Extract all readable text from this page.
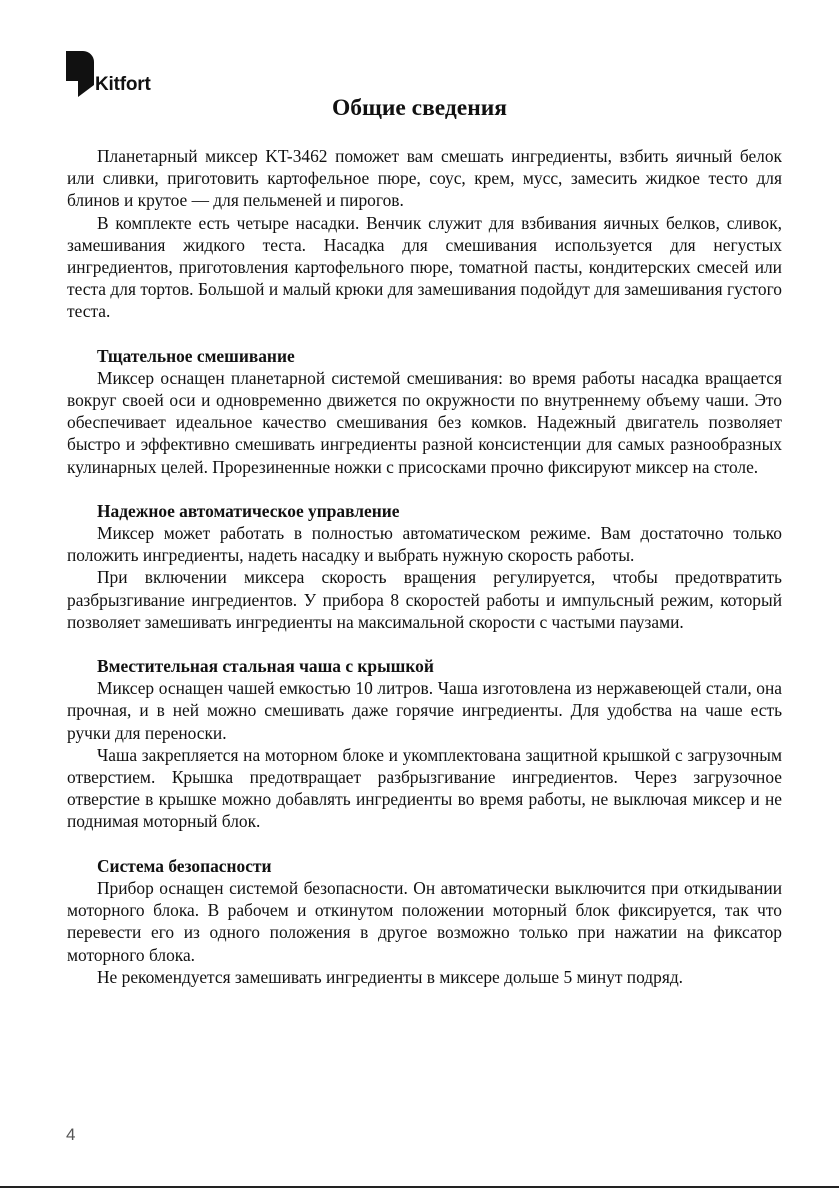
Kitfort
Общие сведения

Планетарный миксер KT-3462 поможет вам смешать ингредиенты, взбить яичный белок или сливки, приготовить картофельное пюре, соус, крем, мусс, замесить жидкое тесто для блинов и крутое — для пельменей и пирогов.

В комплекте есть четыре насадки. Венчик служит для взбивания яичных белков, сливок, замешивания жидкого теста. Насадка для смешивания используется для негустых ингредиентов, приготовления картофельного пюре, томатной пасты, кондитерских смесей или теста для тортов. Большой и малый крюки для замешивания подойдут для замешивания густого теста.

Тщательное смешивание

Миксер оснащен планетарной системой смешивания: во время работы насадка вращается вокруг своей оси и одновременно движется по окружности по внутреннему объему чаши. Это обеспечивает идеальное качество смешивания без комков. Надежный двигатель позволяет быстро и эффективно смешивать ингредиенты разной консистенции для самых разнообразных кулинарных целей. Прорезиненные ножки с присосками прочно фиксируют миксер на столе.

Надежное автоматическое управление

Миксер может работать в полностью автоматическом режиме. Вам достаточно только положить ингредиенты, надеть насадку и выбрать нужную скорость работы.

При включении миксера скорость вращения регулируется, чтобы предотвратить разбрызгивание ингредиентов. У прибора 8 скоростей работы и импульсный режим, который позволяет замешивать ингредиенты на максимальной скорости с частыми паузами.

Вместительная стальная чаша с крышкой

Миксер оснащен чашей емкостью 10 литров. Чаша изготовлена из нержавеющей стали, она прочная, и в ней можно смешивать даже горячие ингредиенты. Для удобства на чаше есть ручки для переноски.

Чаша закрепляется на моторном блоке и укомплектована защитной крышкой с загрузочным отверстием. Крышка предотвращает разбрызгивание ингредиентов. Через загрузочное отверстие в крышке можно добавлять ингредиенты во время работы, не выключая миксер и не поднимая моторный блок.

Система безопасности

Прибор оснащен системой безопасности. Он автоматически выключится при откидывании моторного блока. В рабочем и откинутом положении моторный блок фиксируется, так что перевести его из одного положения в другое возможно только при нажатии на фиксатор моторного блока.

Не рекомендуется замешивать ингредиенты в миксере дольше 5 минут подряд.

4
